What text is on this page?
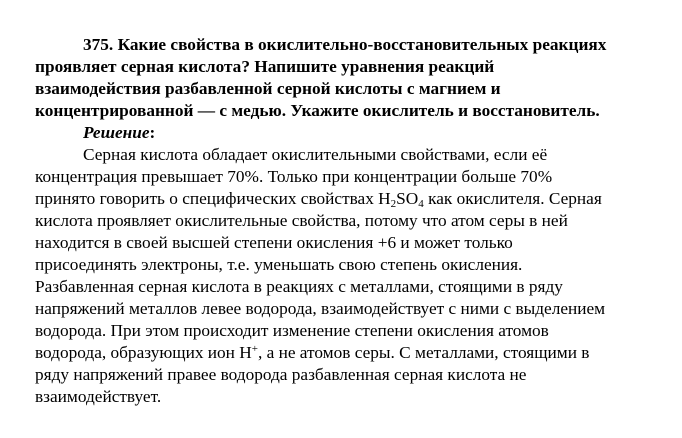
375. Какие свойства в окислительно-восстановительных реакциях
проявляет серная кислота? Напишите уравнения реакций
взаимодействия разбавленной серной кислоты с магнием и
концентрированной — с медью. Укажите окислитель и восстановитель.
Решение:
Серная кислота обладает окислительными свойствами, если её
концентрация превышает 70%. Только при концентрации больше 70%
принято говорить о специфических свойствах $H_2SO_4$ как окислителя. Серная
кислота проявляет окислительные свойства, потому что атом серы в ней
находится в своей высшей степени окисления +6 и может только
присоединять электроны, т.е. уменьшать свою степень окисления.
Разбавленная серная кислота в реакциях с металлами, стоящими в ряду
напряжений металлов левее водорода, взаимодействует с ними с выделением
водорода. При этом происходит изменение степени окисления атомов
водорода, образующих ион H+, а не атомов серы. С металлами, стоящими в
ряду напряжений правее водорода разбавленная серная кислота не
взаимодействует.
